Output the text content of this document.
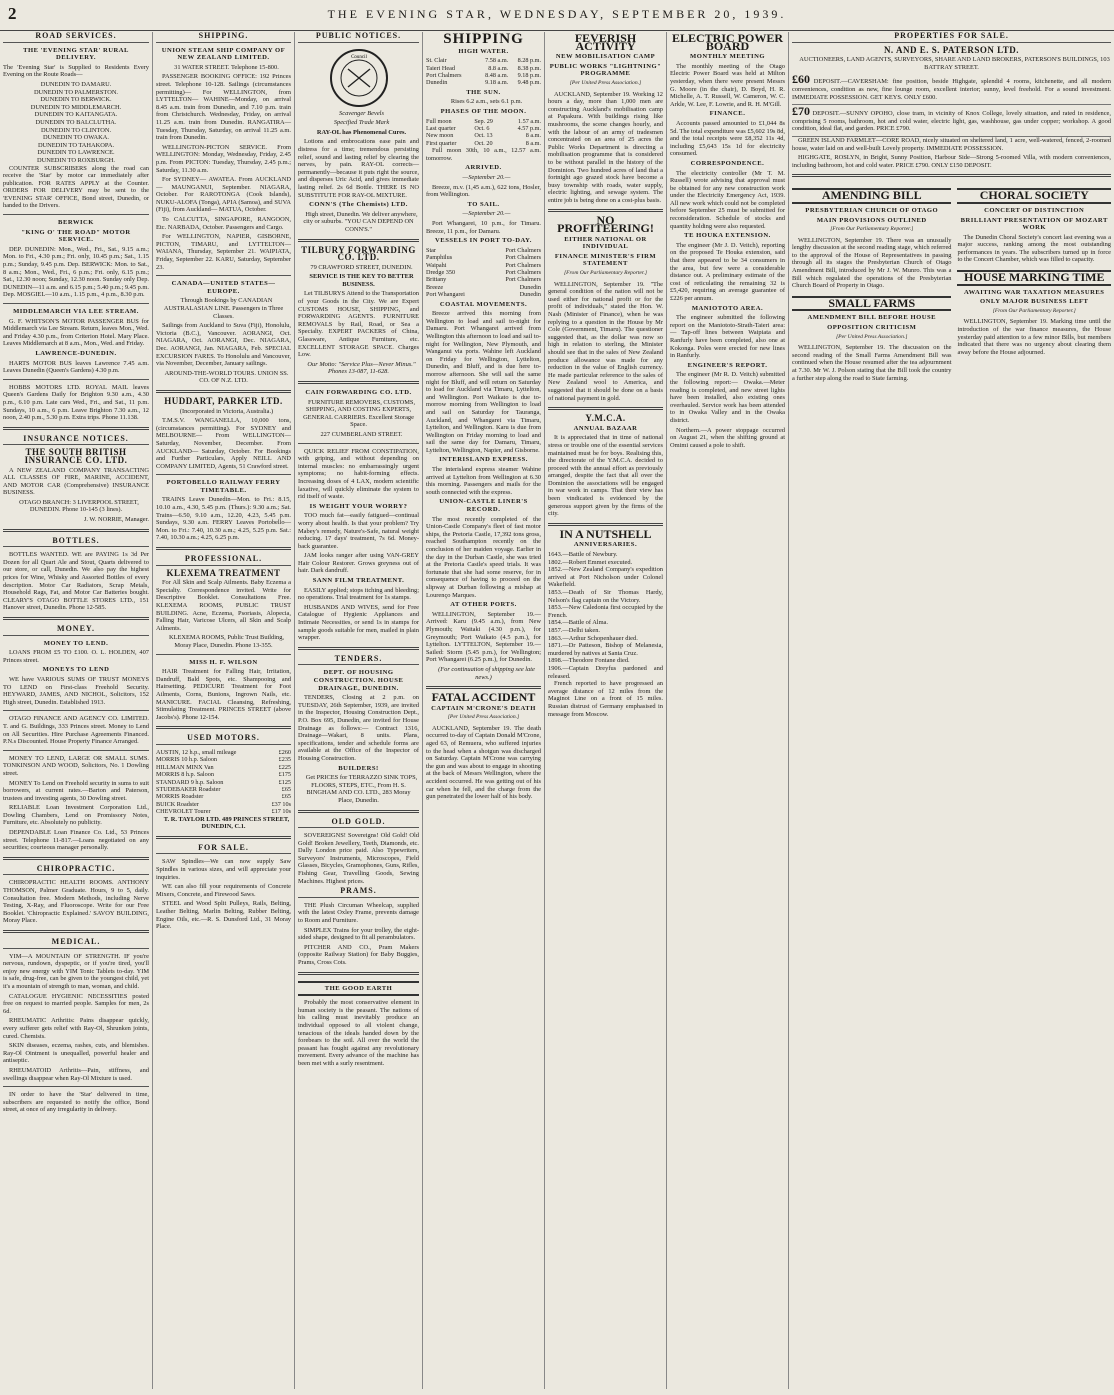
2	THE EVENING STAR, WEDNESDAY, SEPTEMBER 20, 1939.
ROAD SERVICES.
THE 'EVENING STAR' RURAL DELIVERY.

The 'Evening Star' is Supplied to Residents Every Evening on the Route Roads—

DUNEDIN TO DAMARU.
DUNEDIN TO PALMERSTON.
DUNEDIN TO BERWICK.
DUNEDIN TO MIDDLEMARCH.
DUNEDIN TO KAITANGATA.
DUNEDIN TO BALCLUTHA.
DUNEDIN TO CLINTON.
DUNEDIN TO OWAKA.
DUNEDIN TO TAHAKOPA.
DUNEDIN TO LAWRENCE.
DUNEDIN TO ROXBURGH.

COUNTER SUBSCRIBERS along the road can receive the 'Star' by motor car immediately after publication. FOR RATES APPLY at the Counter. ORDERS FOR DELIVERY may be sent to the 'EVENING STAR' OFFICE, Bond street, Dunedin, or handed to the Drivers.

BERWICK
"KING O' THE ROAD" MOTOR SERVICE.

DEP. DUNEDIN: Mon., Wed., Fri., Sat., 9.15 a.m.; Mon. to Fri., 4.30 p.m.; Fri. only, 10.45 p.m.; Sat., 1.15 p.m.; Sunday, 9.45 p.m. Dep. BERWICK: Mon. to Sat., 8 a.m.; Mon., Wed., Fri., 6 p.m.; Fri. only, 6.15 p.m.; Sat., 12.30 noon; Sunday, 12.30 noon. Sunday only Dep. DUNEDIN—11 a.m. and 6.15 p.m.; 5.40 p.m.; 9.45 p.m. Dep. MOSGIEL—10 a.m., 1.15 p.m., 4 p.m., 8.30 p.m.

MIDDLEMARCH VIA LEE STREAM.

G. F. WHITSON'S MOTOR PASSENGER BUS for Middlemarch via Lee Stream. Return, leaves Mon., Wed. and Friday 4.30 p.m., from Criterion Hotel. Mary Place. Leaves Middlemarch at 8 a.m., Mon., Wed. and Friday.

LAWRENCE-DUNEDIN.

HARTS MOTOR BUS leaves Lawrence 7.45 a.m. Leaves Dunedin (Queen's Gardens) 4.30 p.m.

HOBBS MOTORS LTD. ROYAL MAIL leaves Queen's Gardens Daily for Brighton 9.30 a.m., 4.30 p.m., 6.10 p.m. Late cars Wed., Fri., and Sat., 11 p.m. Sundays, 10 a.m., 6 p.m. Leave Brighton 7.30 a.m., 12 noon, 2.40 p.m., 5.30 p.m. Extra trips. Phone 11.138.

INSURANCE NOTICES.
THE SOUTH BRITISH INSURANCE CO. LTD.

A NEW ZEALAND COMPANY TRANSACTING ALL CLASSES OF FIRE, MARINE, ACCIDENT, AND MOTOR CAR (Comprehensive) INSURANCE BUSINESS.

OTAGO BRANCH: 3 LIVERPOOL STREET, DUNEDIN. Phone 10-145 (3 lines).

J. W. NORRIE, Manager.

BOTTLES.

BOTTLES WANTED. WE are PAYING 1s 3d Per Dozen for all Quart Ale and Stout, Quarts delivered to our store, or call, Dunedin. We also pay the highest prices for Wine, Whisky and Assorted Bottles of every description. Motor Car Radiators, Scrap Metals, Household Rags, Fat, and Motor Car Batteries bought. CLEARY'S OTAGO BOTTLE STORES LTD., 151 Hanover street, Dunedin. Phone 12-585.

MONEY.
MONEY TO LEND.

LOANS FROM £5 TO £100. O. L. HOLDEN, 407 Princes street.

MONEYS TO LEND

WE have VARIOUS SUMS OF TRUST MONEYS TO LEND on First-class Freehold Security. HEYWARD, JAMES, AND NICHOL, Solicitors, 152 High street, Dunedin. Established 1913.

OTAGO FINANCE AND AGENCY CO. LIMITED. T. and G. Buildings, 333 Princes street. Money to Lend on All Securities. Hire Purchase Agreements Financed. P.N.s Discounted. House Property Finance Arranged.

MONEY TO LEND, LARGE OR SMALL SUMS. TONKINSON AND WOOD, Solicitors, No. 1 Dowling street.

MONEY To Lend on Freehold security in sums to suit borrowers, at current rates.—Barton and Paterson, trustees and investing agents, 30 Dowling street.

RELIABLE Loan Investment Corporation Ltd., Dowling Chambers, Lend on Promissory Notes, Furniture, etc. Absolutely no publicity.

DEPENDABLE Loan Finance Co. Ltd., 53 Princes street. Telephone 11-817.—Loans negotiated on any securities; courteous manager personally.

CHIROPRACTIC.

CHIROPRACTIC HEALTH ROOMS. ANTHONY THOMSON, Palmer Graduate. Hours, 9 to 5, daily. Consultation free. Modern Methods, including Nerve Testing, X-Ray, and Fluoroscope. Write for our Free Booklet. 'Chiropractic Explained.' SAVOY BUILDING, Moray Place.

MEDICAL.

YIM—A MOUNTAIN OF STRENGTH. IF you're nervous, rundown, dyspeptic, or if you're tired, you'll enjoy new energy with YIM Tonic Tablets to-day. YIM is safe, drug-free, can be given to the youngest child, yet it's a mountain of strength to man, woman, and child.

CATALOGUE HYGIENIC NECESSITIES posted free on request to married people. Samples for men, 2s 6d.

RHEUMATIC Arthritis: Pains disappear quickly, every sufferer gets relief with Ray-Ol, Shrunken joints, cured. Chemists.

SKIN diseases, eczema, rashes, cuts, and blemishes. Ray-Ol Ointment is unequalled, powerful healer and antiseptic.

RHEUMATOID Arthritis—Pain, stiffness, and swellings disappear when Ray-Ol Mixture is used.

IN order to have the 'Star' delivered in time, subscribers are requested to notify the office, Bond street, at once of any irregularity in delivery.

SHIPPING.
UNION STEAM SHIP COMPANY OF NEW ZEALAND LIMITED.

31 WATER STREET. Telephone 15-800.

PASSENGER BOOKING OFFICE: 192 Princes street. Telephone 10-128. Sailings (circumstances permitting)— For WELLINGTON, from LYTTELTON— WAHINE—Monday, on arrival 8.45 a.m. train from Dunedin, and 7.10 p.m. train from Christchurch. Wednesday, Friday, on arrival 11.25 a.m. train from Dunedin. RANGATIRA—Tuesday, Thursday, Saturday, on arrival 11.25 a.m. train from Dunedin.

WELLINGTON-PICTON SERVICE. From WELLINGTON: Monday, Wednesday, Friday, 2.45 p.m. From PICTON: Tuesday, Thursday, 2.45 p.m.; Saturday, 11.30 a.m.

For SYDNEY— AWATEA. From AUCKLAND— MAUNGANUI, September. NIAGARA, October. For RAROTONGA (Cook Islands), NUKU-ALOFA (Tonga), APIA (Samoa), and SUVA (Fiji), from Auckland— MATUA, October.

To CALCUTTA, SINGAPORE, RANGOON, Etc. NARBADA, October. Passengers and Cargo.

For WELLINGTON, NAPIER, GISBORNE, PICTON, TIMARU, and LYTTELTON— WAIANA, Thursday, September 21. WAIPIATA, Friday, September 22. KARU, Saturday, September 23.

CANADA—UNITED STATES—EUROPE.

Through Bookings by CANADIAN AUSTRALASIAN LINE. Passengers in Three Classes.

Sailings from Auckland to Suva (Fiji), Honolulu, Victoria (B.C.), Vancouver. AORANGI, Oct. NIAGARA, Oct. AORANGI, Dec. NIAGARA, Dec. AORANGI, Jan. NIAGARA, Feb. SPECIAL EXCURSION FARES. To Honolulu and Vancouver, via November, December, January sailings.

AROUND-THE-WORLD TOURS. UNION SS. CO. OF N.Z. LTD.

HUDDART, PARKER LTD.

(Incorporated in Victoria, Australia.)

T.M.S.V. WANGANELLA, 10,000 tons, (circumstances permitting). For SYDNEY and MELBOURNE— From WELLINGTON— Saturday, November, December. From AUCKLAND— Saturday, October. For Bookings and Further Particulars, Apply NEILL AND COMPANY LIMITED, Agents, 51 Crawford street.

PORTOBELLO RAILWAY FERRY TIMETABLE.

TRAINS Leave Dunedin—Mon. to Fri.: 8.15, 10.10 a.m., 4.30, 5.45 p.m. (Thurs.): 9.30 a.m.; Sat. Trains—6.50, 9.10 a.m., 12.20, 4.23, 5.45 p.m. Sundays, 9.30 a.m. FERRY Leaves Portobello—Mon. to Fri.: 7.40, 10.30 a.m.; 4.25, 5.25 p.m. Sat.: 7.40, 10.30 a.m.; 4.25, 6.25 p.m.

PROFESSIONAL.
KLEXEMA TREATMENT

For All Skin and Scalp Ailments. Baby Eczema a Specialty. Correspondence invited. Write for Descriptive Booklet. Consultations Free. KLEXEMA ROOMS, PUBLIC TRUST BUILDING. Acne, Eczema, Psoriasis, Alopecia, Falling Hair, Varicose Ulcers, all Skin and Scalp Ailments.

KLEXEMA ROOMS, Public Trust Building, Moray Place, Dunedin. Phone 13-355.

MISS H. F. WILSON

HAIR Treatment for Falling Hair, Irritation, Dandruff, Bald Spots, etc. Shampooing and Hairsetting. PEDICURE Treatment for Foot Ailments, Corns, Bunions, Ingrown Nails, etc. MANICURE. FACIAL Cleansing, Refreshing, Stimulating Treatment. PRINCES STREET (above Jacobs's). Phone 12-154.

USED MOTORS.
AUSTIN, 12 h.p., small mileage	£260
MORRIS 10 h.p. Saloon	£235
HILLMAN MINX Van	£225
MORRIS 8 h.p. Saloon	£175
STANDARD 9 h.p. Saloon	£125
STUDEBAKER Roadster	£65
MORRIS Roadster	£65
BUICK Roadster	£37 10s
CHEVROLET Tourer	£17 10s

T. R. TAYLOR LTD. 489 PRINCES STREET, DUNEDIN, C.1.

FOR SALE.

SAW Spindles—We can now supply Saw Spindles in various sizes, and will appreciate your inquiries.

WE can also fill your requirements of Concrete Mixers, Concrete, and Firewood Saws.

STEEL and Wood Split Pulleys, Rails, Belting, Leather Belting, Marlin Belting, Rubber Belting, Engine Oils, etc.—R. S. Dunsford Ltd., 31 Moray Place.

PUBLIC NOTICES.
Council

Scavenger Bevels

Specified Trade Mark

RAY-OL has Phenomenal Cures.

Lotions and embrocations ease pain and distress for a time; tremendous persisting relief, sound and lasting relief by clearing the nerves, by pain. RAY-OL corrects—permanently—because it puts right the source, and disperses Uric Acid, and gives immediate lasting relief. 2s 6d Bottle. THERE IS NO SUBSTITUTE FOR RAY-OL MIXTURE.

CONN'S (The Chemists) LTD.

High street, Dunedin. We deliver anywhere, city or suburbs. "YOU CAN DEPEND ON CONN'S."

TILBURY FORWARDING CO. LTD.

79 CRAWFORD STREET, DUNEDIN.

SERVICE IS THE KEY TO BETTER BUSINESS.

Let TILBURYS Attend to the Transportation of your Goods in the City. We are Expert CUSTOMS HOUSE, SHIPPING, and FORWARDING AGENTS. FURNITURE REMOVALS by Rail, Road, or Sea a Specialty. EXPERT PACKERS of China, Glassware, Antique Furniture, etc. EXCELLENT STORAGE SPACE. Charges Low.

Our Motto: "Service Plus—Never Minus." Phones 13-087, 11-628.

CAIN FORWARDING CO. LTD.

FURNITURE REMOVERS, CUSTOMS, SHIPPING, AND COSTING EXPERTS, GENERAL CARRIERS. Excellent Storage Space.

227 CUMBERLAND STREET.

QUICK RELIEF FROM CONSTIPATION, with griping, and without depending on internal muscles: no embarrassingly urgent symptoms; no habit-forming effects. Increasing doses of 4 LAX, modern scientific laxative, will quickly eliminate the system to rid itself of waste.

IS WEIGHT YOUR WORRY?

TOO much fat—easily fatigued—continual worry about health. Is that your problem? Try Mabey's remedy, Nature's-Safe, natural weight reducing. 17 days' treatment, 7s 6d. Money-back guarantee.

JAM looks ranger after using VAN-GREY Hair Colour Restorer. Grows greyness out of hair. Dark dandruff.

SANN FILM TREATMENT.

EASILY applied; stops itching and bleeding; no operations. Trial treatment for 1s stamps.

HUSBANDS AND WIVES, send for Free Catalogue of Hygienic Appliances and Intimate Necessities, or send 1s in stamps for sample goods suitable for men, mailed in plain wrapper.

TENDERS.
DEPT. OF HOUSING CONSTRUCTION. HOUSE DRAINAGE, DUNEDIN.

TENDERS, Closing at 2 p.m. on TUESDAY, 26th September, 1939, are invited in the Inspector, Housing Construction Dept., P.O. Box 695, Dunedin, are invited for House Drainage as follows:— Contract 1316, Drainage—Wakari, 8 units. Plans, specifications, tender and schedule forms are available at the Office of the Inspector of Housing Construction.

BUILDERS!

Get PRICES for TERRAZZO SINK TOPS, FLOORS, STEPS, ETC., From H. S. BINGHAM AND CO. LTD., 283 Moray Place, Dunedin.

OLD GOLD.

SOVEREIGNS! Sovereigns! Old Gold! Old Gold! Broken Jewellery, Teeth, Diamonds, etc. Dally London price paid. Also Typewriters, Surveyors' Instruments, Microscopes, Field Glasses, Bicycles, Gramophones, Guns, Rifles, Fishing Gear, Travelling Goods, Sewing Machines. Highest prices.

PRAMS.

THE Plush Circuman Wheelcap, supplied with the latest Oxley Frame, prevents damage to Room and Furniture.

SIMPLEX Trains for your trolley, the eight-sided shape, designed to fit all perambulators.

PITCHER AND CO., Pram Makers (opposite Railway Station) for Baby Buggies, Prams, Cross Cots.

THE GOOD EARTH

Probably the most conservative element in human society is the peasant. The nations of his calling must inevitably produce an individual opposed to all violent change, tenacious of the ideals handed down by the forebears to the soil. All over the world the peasant has fought against any revolutionary movement. Every advance of the machine has been met with a surly resentment.

SHIPPING
HIGH WATER.
St. Clair	7.58 a.m.	8.28 p.m.
Taieri Head	8.8 a.m.	8.38 p.m.
Port Chalmers	8.48 a.m.	9.18 p.m.
Dunedin	9.18 a.m.	9.48 p.m.
THE SUN.

Rises 6.2 a.m., sets 6.1 p.m.

PHASES OF THE MOON.
Full moon	Sep. 29	1.57 a.m.
Last quarter	Oct. 6	4.57 p.m.
New moon	Oct. 13	8 a.m.
First quarter	Oct. 20	8 a.m.

Full moon 30th, 10 a.m., 12.57 a.m. tomorrow.

ARRIVED.

—September 20.—

Breeze, m.v. (1,45 a.m.), 622 tons, Hosler, from Wellington.

TO SAIL.

—September 20.—

Port Whangarei, 10 p.m., for Timaru. Breeze, 11 p.m., for Damaru.

VESSELS IN PORT TO-DAY.
Star	Port Chalmers
Pamphilus	Port Chalmers
Waipahi	Port Chalmers
Dredge 350	Port Chalmers
Brittany	Port Chalmers
Breeze	Dunedin
Port Whangarei	Dunedin
COASTAL MOVEMENTS.

Breeze arrived this morning from Wellington to load and sail to-night for Damaru. Port Whangarei arrived from Wellington this afternoon to load and sail to-night for Wellington, New Plymouth, and Wanganui via ports. Wahine left Auckland on Friday for Wellington, Lyttelton, Dunedin, and Bluff, and is due here to-morrow afternoon. She will sail the same night for Bluff, and will return on Saturday to load for Auckland via Timaru, Lyttelton, and Wellington. Port Waikato is due to-morrow morning from Wellington to load and sail on Saturday for Tauranga, Auckland, and Whangarei via Timaru, Lyttelton, and Wellington. Karu is due from Wellington on Friday morning to load and sail the same day for Damaru, Timaru, Lyttelton, Wellington, Napier, and Gisborne.

INTERISLAND EXPRESS.

The interisland express steamer Wahine arrived at Lyttelton from Wellington at 6.30 this morning. Passengers and mails for the south connected with the express.

UNION-CASTLE LINER'S RECORD.

The most recently completed of the Union-Castle Company's fleet of fast motor ships, the Pretoria Castle, 17,392 tons gross, reached Southampton recently on the conclusion of her maiden voyage. Earlier in the day in the Durban Castle, she was tried at the Pretoria Castle's speed trials. It was fortunate that she had some reserve, for in consequence of having to proceed on the slipway at Durban following a mishap at Lourenço Marques.

AT OTHER PORTS.

WELLINGTON, September 19.—Arrived: Karu (9.45 a.m.), from New Plymouth; Waitaki (4.30 p.m.), for Greymouth; Port Waikato (4.5 p.m.), for Lyttelton. LYTTELTON, September 19.—Sailed: Storm (5.45 p.m.), for Wellington; Port Whangarei (6.25 p.m.), for Dunedin.

(For continuation of shipping see late news.)

FATAL ACCIDENT
CAPTAIN M'CRONE'S DEATH
[Per United Press Association.]

AUCKLAND, September 19. The death occurred to-day of Captain Donald M'Crone, aged 63, of Remuera, who suffered injuries to the head when a shotgun was discharged on Saturday. Captain M'Crone was carrying the gun and was about to engage in shooting at the back of Messrs Wellington, where the accident occurred. He was getting out of his car when he fell, and the charge from the gun penetrated the lower half of his body.

FEVERISH ACTIVITY
NEW MOBILISATION CAMP
PUBLIC WORKS "LIGHTNING" PROGRAMME
[Per United Press Association.]

AUCKLAND, September 19. Working 12 hours a day, more than 1,000 men are constructing Auckland's mobilisation camp at Papakura. With buildings rising like mushrooms, the scene changes hourly, and with the labour of an army of tradesmen concentrated on an area of 25 acres the Public Works Department is directing a mobilisation programme that is considered to be without parallel in the history of the Dominion. Two hundred acres of land that a fortnight ago grazed stock have become a busy township with roads, water supply, electric lighting, and sewage system. The entire job is being done on a cost-plus basis.

NO PROFITEERING!
EITHER NATIONAL OR INDIVIDUAL
FINANCE MINISTER'S FIRM STATEMENT
[From Our Parliamentary Reporter.]

WELLINGTON, September 19. "The general condition of the nation will not be used either for national profit or for the profit of individuals," stated the Hon. W. Nash (Minister of Finance), when he was replying to a question in the House by Mr Cole (Government, Timaru). The questioner suggested that, as the dollar was now so high in relation to sterling, the Minister should see that in the sales of New Zealand produce allowance was made for any reduction in the value of English currency. He made particular reference to the sales of New Zealand wool to America, and suggested that it should be done on a basis of national payment in gold.

Y.M.C.A.
ANNUAL BAZAAR

It is appreciated that in time of national stress or trouble one of the essential services maintained must be for boys. Realising this, the directorate of the Y.M.C.A. decided to proceed with the annual effort as previously arranged, despite the fact that all over the Dominion the associations will be engaged in war work in camps. That their view has been vindicated is evidenced by the generous support given by the firms of the city.

IN A NUTSHELL
ANNIVERSARIES.
1643.—Battle of Newbury.
1802.—Robert Emmet executed.
1852.—New Zealand Company's expedition arrived at Port Nicholson under Colonel Wakefield.
1853.—Death of Sir Thomas Hardy, Nelson's flag captain on the Victory.
1853.—New Caledonia first occupied by the French.
1854.—Battle of Alma.
1857.—Delhi taken.
1863.—Arthur Schopenhauer died.
1871.—Dr Patteson, Bishop of Melanesia, murdered by natives at Santa Cruz.
1898.—Theodore Fontane died.
1906.—Captain Dreyfus pardoned and released.

French reported to have progressed an average distance of 12 miles from the Maginot Line on a front of 15 miles. Russian distrust of Germany emphasised in message from Moscow.

ELECTRIC POWER BOARD
MONTHLY MEETING

The monthly meeting of the Otago Electric Power Board was held at Milton yesterday, when there were present Messrs G. Moore (in the chair), D. Boyd, H. R. Michelle, A. T. Russell, W. Cameron, W. C. Arkle, W. Lee, F. Lowrie, and R. H. M'Gill.

FINANCE.

Accounts passed amounted to £1,044 8s 5d. The total expenditure was £5,602 19s 8d, and the total receipts were £8,352 11s 4d, including £5,643 15s 1d for electricity consumed.

CORRESPONDENCE.

The electricity controller (Mr T. M. Russell) wrote advising that approval must be obtained for any new construction work under the Electricity Emergency Act, 1939. All new work which could not be completed before September 25 must be submitted for reconsideration. Schedule of stocks and quantity holding were also requested.

TE HOUKA EXTENSION.

The engineer (Mr J. D. Veitch), reporting on the proposed Te Houka extension, said that there appeared to be 34 consumers in the area, but few were a considerable distance out. A preliminary estimate of the cost of reticulating the remaining 32 is £5,420, requiring an average guarantee of £226 per annum.

MANIOTOTO AREA.

The engineer submitted the following report on the Maniototo-Strath-Taieri area:— Tap-off lines between Waipiata and Ranfurly have been completed, also one at Kokonga. Poles were erected for new lines in Ranfurly.

ENGINEER'S REPORT.

The engineer (Mr R. D. Veitch) submitted the following report:— Owaka.—Meter reading is completed, and new street lights have been installed, also existing ones overhauled. Service work has been attended to in Owaka Valley and in the Owaka district.

Northern.—A power stoppage occurred on August 21, when the shifting ground at Omimi caused a pole to shift.

PROPERTIES FOR SALE.
N. AND E. S. PATERSON LTD.

AUCTIONEERS, LAND AGENTS, SURVEYORS, SHARE AND LAND BROKERS, PATERSON'S BUILDINGS, 103 BATTRAY STREET.

£60 DEPOSIT.—CAVERSHAM: fine position, beside Highgate, splendid 4 rooms, kitchenette, and all modern conveniences, condition as new, fine lounge room, excellent interior; sunny, level freehold. For a sound investment. IMMEDIATE POSSESSION. GET KEYS. ONLY £600.
£70 DEPOSIT.—SUNNY OPOHO, close tram, in vicinity of Knox College, lovely situation, and rated in residence, comprising 5 rooms, bathroom, hot and cold water, electric light, gas, washhouse, gas under copper; workshop. A good condition, ideal flat, and garden. PRICE £790.

GREEN ISLAND FARMLET—CORE ROAD, nicely situated on sheltered land, 1 acre, well-watered, fenced, 2-roomed house, water laid on and well-built Lovely property. IMMEDIATE POSSESSION.

HIGHGATE, ROSLYN, in Bright, Sunny Position, Harbour Side—Strong 5-roomed Villa, with modern conveniences, including bathroom, hot and cold water. PRICE £790. ONLY £150 DEPOSIT.

AMENDING BILL
PRESBYTERIAN CHURCH OF OTAGO
MAIN PROVISIONS OUTLINED
[From Our Parliamentary Reporter.]

WELLINGTON, September 19. There was an unusually lengthy discussion at the second reading stage, which referred to the approval of the House of Representatives in passing through all its stages the Presbyterian Church of Otago Amendment Bill, introduced by Mr J. W. Munro. This was a Bill which regulated the operations of the Presbyterian Church Board of Property in Otago.

SMALL FARMS
AMENDMENT BILL BEFORE HOUSE
OPPOSITION CRITICISM
[Per United Press Association.]

WELLINGTON, September 19. The discussion on the second reading of the Small Farms Amendment Bill was continued when the House resumed after the tea adjournment at 7.30. Mr W. J. Polson stating that the Bill took the country a further step along the road to State farming.

CHORAL SOCIETY
CONCERT OF DISTINCTION
BRILLIANT PRESENTATION OF MOZART WORK

The Dunedin Choral Society's concert last evening was a major success, ranking among the most outstanding performances in years. The subscribers turned up in force to the Concert Chamber, which was filled to capacity.

HOUSE MARKING TIME
AWAITING WAR TAXATION MEASURES
ONLY MAJOR BUSINESS LEFT
[From Our Parliamentary Reporter.]

WELLINGTON, September 19. Marking time until the introduction of the war finance measures, the House yesterday paid attention to a few minor Bills, but members indicated that there was no urgency about clearing them away before the House adjourned.
